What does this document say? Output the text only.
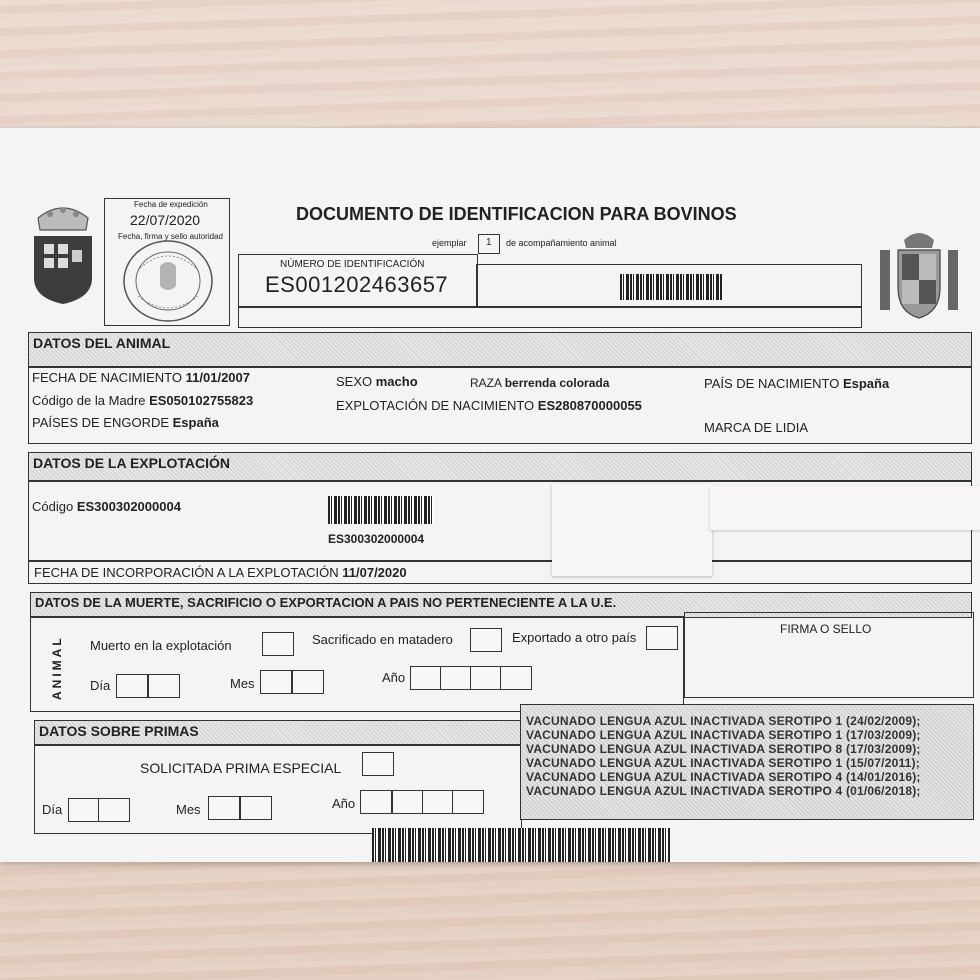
Fecha de expedición
22/07/2020
Fecha, firma y sello autoridad
DOCUMENTO DE IDENTIFICACION PARA BOVINOS
ejemplar 1 de acompañamiento animal
NÚMERO DE IDENTIFICACIÓN
ES001202463657
DATOS DEL ANIMAL
FECHA DE NACIMIENTO 11/01/2007	SEXO macho	RAZA berrenda colorada	PAÍS DE NACIMIENTO España
Código de la Madre ES050102755823	EXPLOTACIÓN DE NACIMIENTO ES280870000055
PAÍSES DE ENGORDE España	MARCA DE LIDIA
DATOS DE LA EXPLOTACIÓN
Código ES300302000004
ES300302000004
FECHA DE INCORPORACIÓN A LA EXPLOTACIÓN 11/07/2020
DATOS DE LA MUERTE, SACRIFICIO O EXPORTACION A PAIS NO PERTENECIENTE A LA U.E.
FIRMA O SELLO
ANIMAL Muerto en la explotación	Sacrificado en matadero	Exportado a otro país
Día	Mes	Año
DATOS SOBRE PRIMAS
SOLICITADA PRIMA ESPECIAL
Día	Mes	Año
VACUNADO LENGUA AZUL INACTIVADA SEROTIPO 1 (24/02/2009);
VACUNADO LENGUA AZUL INACTIVADA SEROTIPO 1 (17/03/2009);
VACUNADO LENGUA AZUL INACTIVADA SEROTIPO 8 (17/03/2009);
VACUNADO LENGUA AZUL INACTIVADA SEROTIPO 1 (15/07/2011);
VACUNADO LENGUA AZUL INACTIVADA SEROTIPO 4 (14/01/2016);
VACUNADO LENGUA AZUL INACTIVADA SEROTIPO 4 (01/06/2018);
